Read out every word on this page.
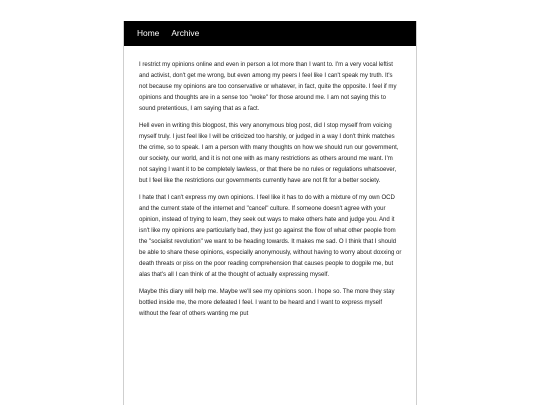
Home Archive

I restrict my opinions online and even in person a lot more than I want to. I'm a very vocal leftist and activist, don't get me wrong, but even among my peers I feel like I can't speak my truth. It's not because my opinions are too conservative or whatever, in fact, quite the opposite. I feel if my opinions and thoughts are in a sense too "woke" for those around me. I am not saying this to sound pretentious, I am saying that as a fact.

Hell even in writing this blogpost, this very anonymous blog post, did I stop myself from voicing myself truly. I just feel like I will be criticized too harshly, or judged in a way I don't think matches the crime, so to speak. I am a person with many thoughts on how we should run our government, our society, our world, and it is not one with as many restrictions as others around me want. I'm not saying I want it to be completely lawless, or that there be no rules or regulations whatsoever, but I feel like the restrictions our governments currently have are not fit for a better society.

I hate that I can't express my own opinions. I feel like it has to do with a mixture of my own OCD and the current state of the internet and "cancel" culture. If someone doesn't agree with your opinion, instead of trying to learn, they seek out ways to make others hate and judge you. And it isn't like my opinions are particularly bad, they just go against the flow of what other people from the "socialist revolution" we want to be heading towards. It makes me sad. O I think that I should be able to share these opinions, especially anonymously, without having to worry about doxxing or death threats or piss on the poor reading comprehension that causes people to dogpile me, but alas that's all I can think of at the thought of actually expressing myself.

Maybe this diary will help me. Maybe we'll see my opinions soon. I hope so. The more they stay bottled inside me, the more defeated I feel. I want to be heard and I want to express myself without the fear of others wanting me put
